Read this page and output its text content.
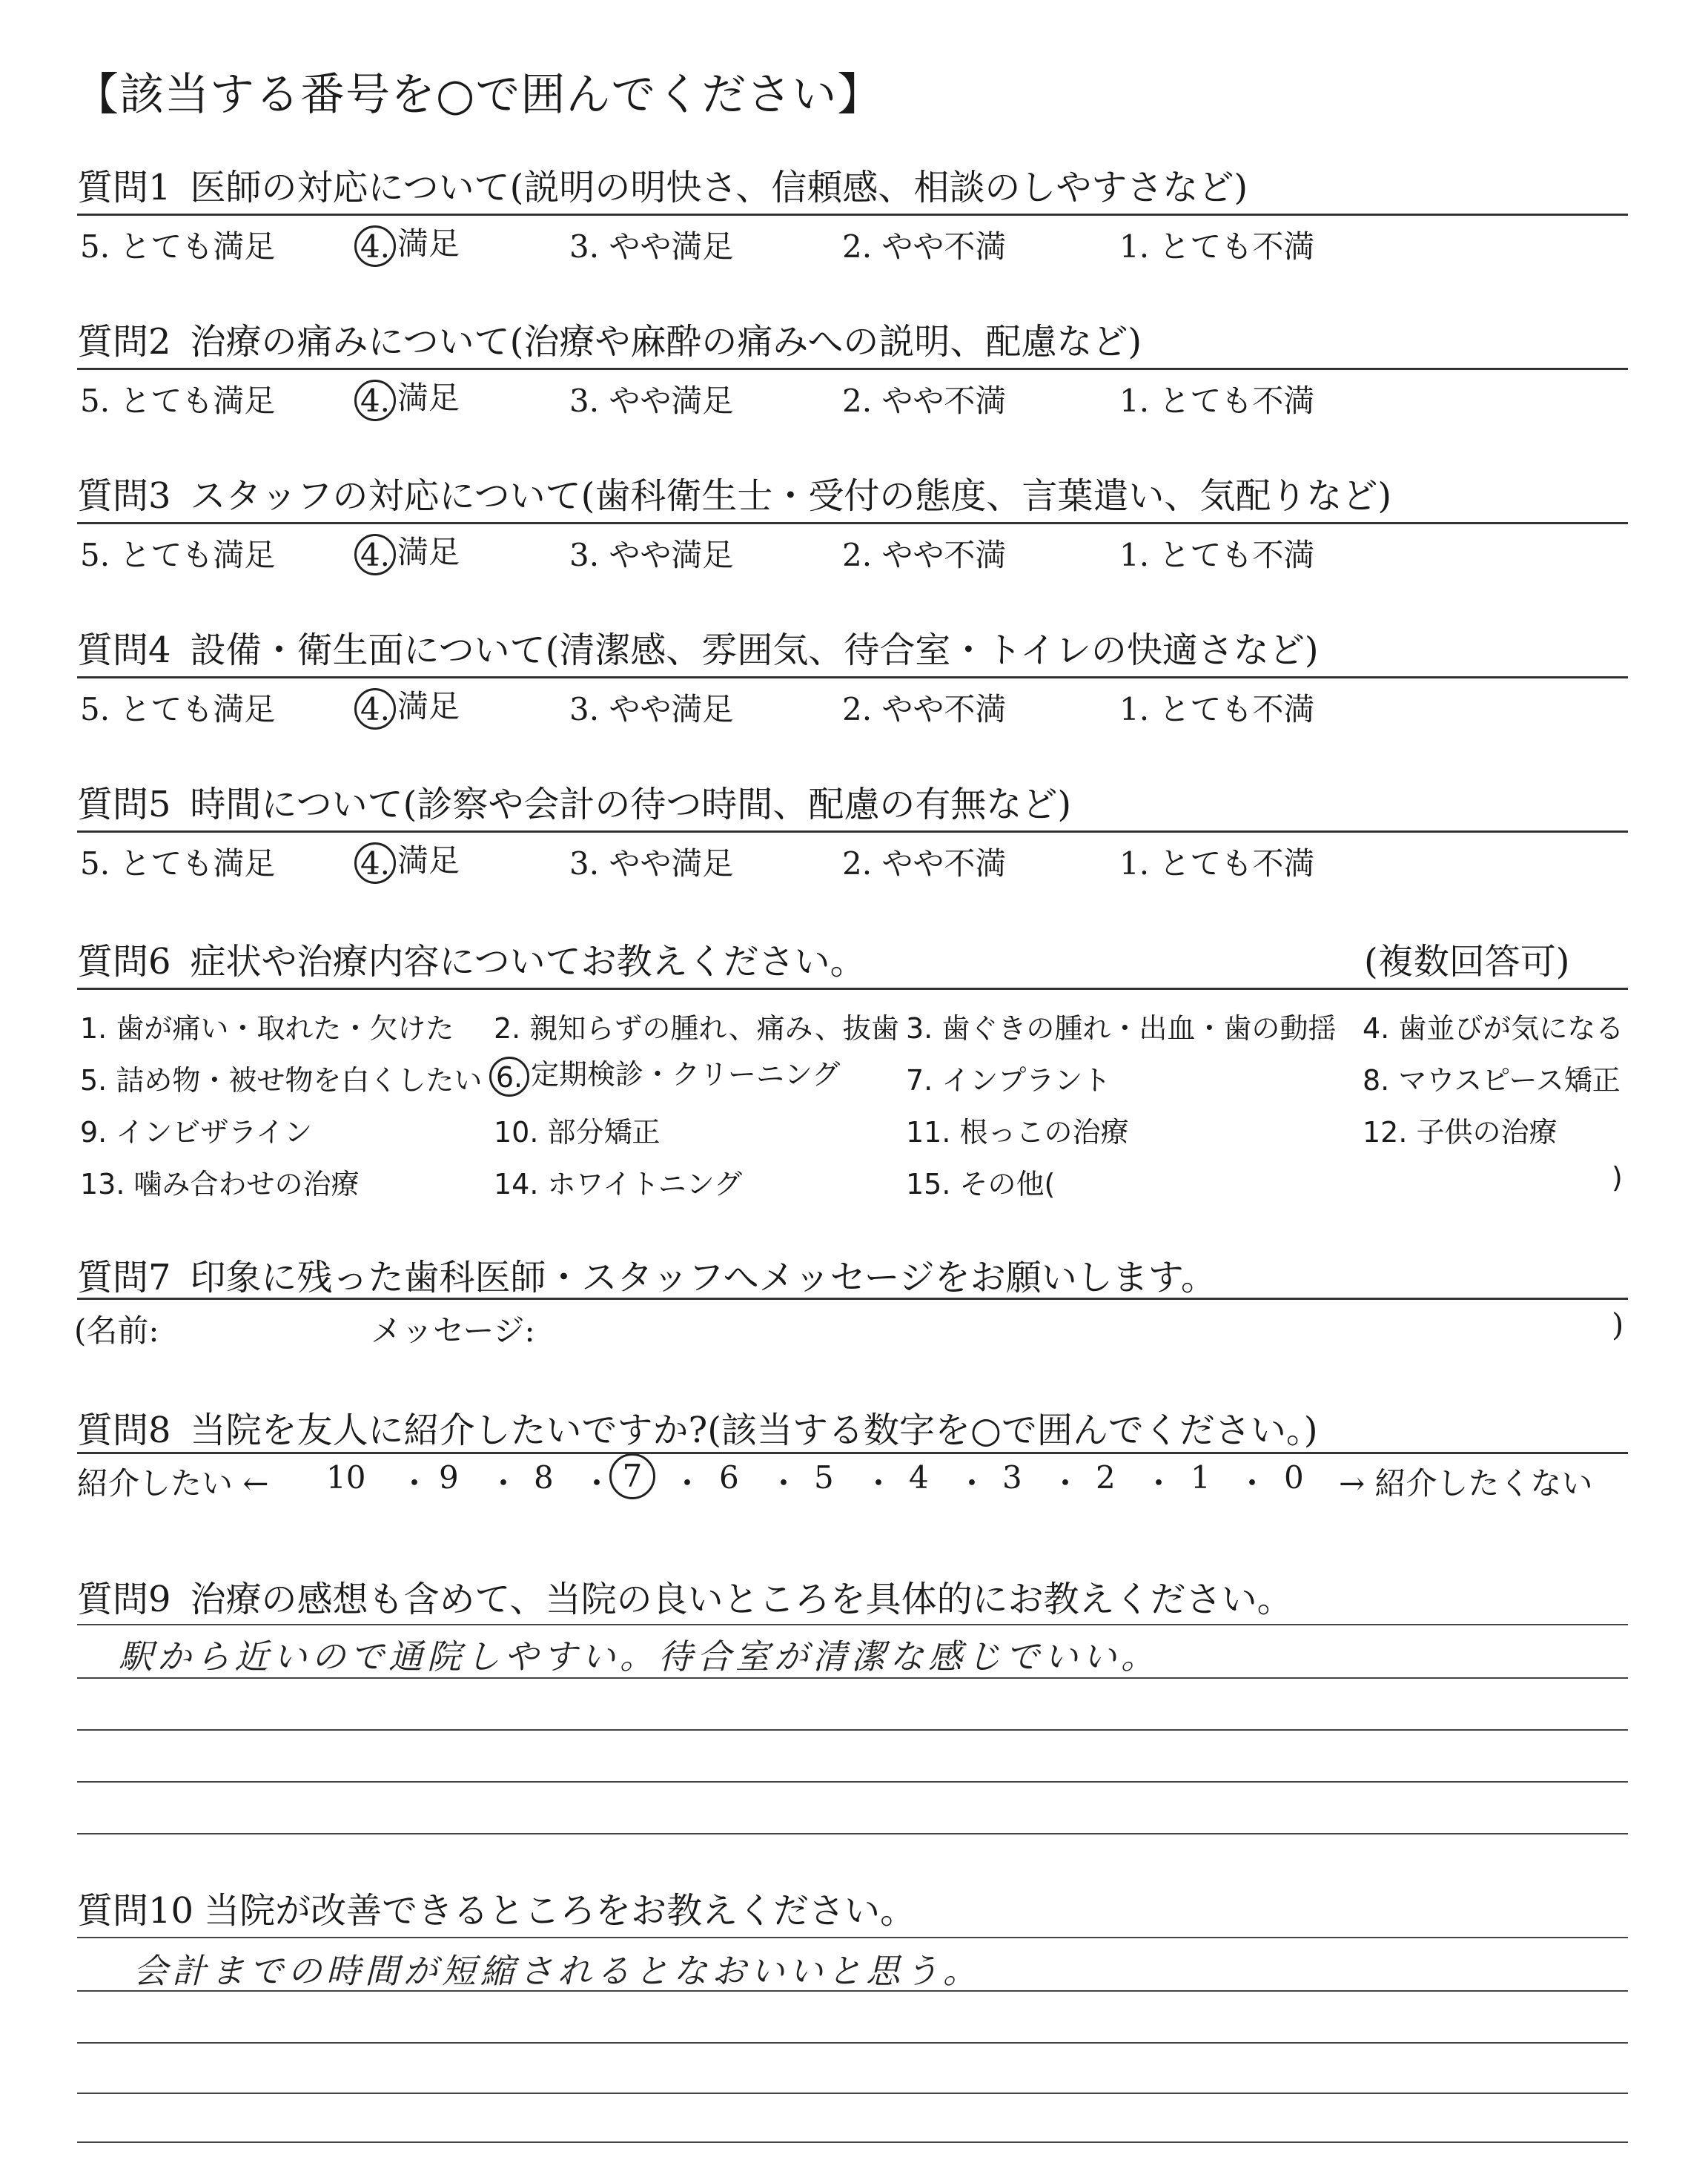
【該当する番号を○で囲んでください】
質問1 医師の対応について(説明の明快さ、信頼感、相談のしやすさなど)
5. とても満足	4. 満足	3. やや満足	2. やや不満	1. とても不満
質問2 治療の痛みについて(治療や麻酔の痛みへの説明、配慮など)
5. とても満足	4. 満足	3. やや満足	2. やや不満	1. とても不満
質問3 スタッフの対応について(歯科衛生士・受付の態度、言葉遣い、気配りなど)
5. とても満足	4. 満足	3. やや満足	2. やや不満	1. とても不満
質問4 設備・衛生面について(清潔感、雰囲気、待合室・トイレの快適さなど)
5. とても満足	4. 満足	3. やや満足	2. やや不満	1. とても不満
質問5 時間について(診察や会計の待つ時間、配慮の有無など)
5. とても満足	4. 満足	3. やや満足	2. やや不満	1. とても不満
質問6 症状や治療内容についてお教えください。	(複数回答可)
1. 歯が痛い・取れた・欠けた 2. 親知らずの腫れ、痛み、抜歯 3. 歯ぐきの腫れ・出血・歯の動揺 4. 歯並びが気になる
5. 詰め物・被せ物を白くしたい 6. 定期検診・クリーニング 7. インプラント	8. マウスピース矯正
9. インビザライン	10. 部分矯正	11. 根っこの治療	12. 子供の治療
13. 噛み合わせの治療	14. ホワイトニング	15. その他(	)
質問7 印象に残った歯科医師・スタッフへメッセージをお願いします。
(名前:	メッセージ:	)
質問8 当院を友人に紹介したいですか?(該当する数字を○で囲んでください。)
紹介したい ← 10 ・ 9 ・ 8 ・ 7 ・ 6 ・ 5 ・ 4 ・ 3 ・ 2 ・ 1 ・ 0 → 紹介したくない
質問9 治療の感想も含めて、当院の良いところを具体的にお教えください。
駅から近いので通院しやすい。待合室が清潔な感じでいい。
質問10 当院が改善できるところをお教えください。
会計までの時間が短縮されるとなおいいと思う。
